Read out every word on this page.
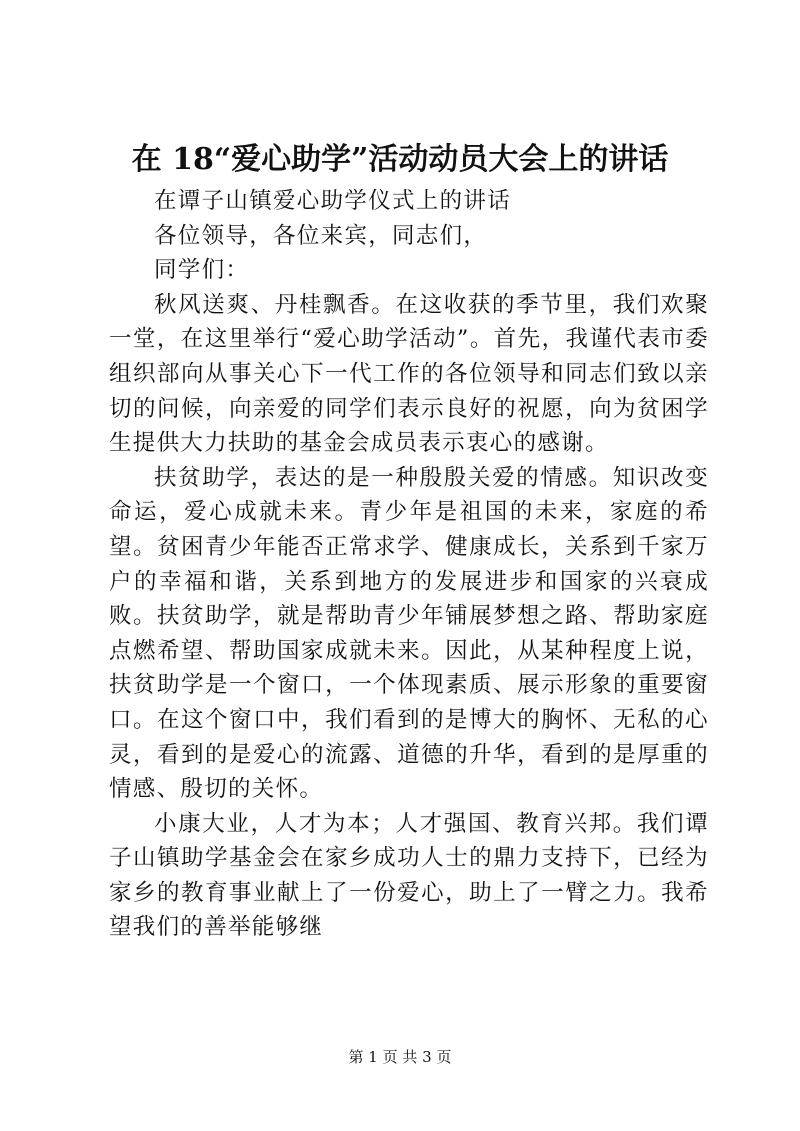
在 18“爱心助学”活动动员大会上的讲话

在谭子山镇爱心助学仪式上的讲话

各位领导，各位来宾，同志们，

同学们：

秋风送爽、丹桂飘香。在这收获的季节里，我们欢聚一堂，在这里举行“爱心助学活动”。首先，我谨代表市委组织部向从事关心下一代工作的各位领导和同志们致以亲切的问候，向亲爱的同学们表示良好的祝愿，向为贫困学生提供大力扶助的基金会成员表示衷心的感谢。

扶贫助学，表达的是一种殷殷关爱的情感。知识改变命运，爱心成就未来。青少年是祖国的未来，家庭的希望。贫困青少年能否正常求学、健康成长，关系到千家万户的幸福和谐，关系到地方的发展进步和国家的兴衰成败。扶贫助学，就是帮助青少年铺展梦想之路、帮助家庭点燃希望、帮助国家成就未来。因此，从某种程度上说，扶贫助学是一个窗口，一个体现素质、展示形象的重要窗口。在这个窗口中，我们看到的是博大的胸怀、无私的心灵，看到的是爱心的流露、道德的升华，看到的是厚重的情感、殷切的关怀。

小康大业，人才为本；人才强国、教育兴邦。我们谭子山镇助学基金会在家乡成功人士的鼎力支持下，已经为家乡的教育事业献上了一份爱心，助上了一臂之力。我希望我们的善举能够继

第 1 页 共 3 页
